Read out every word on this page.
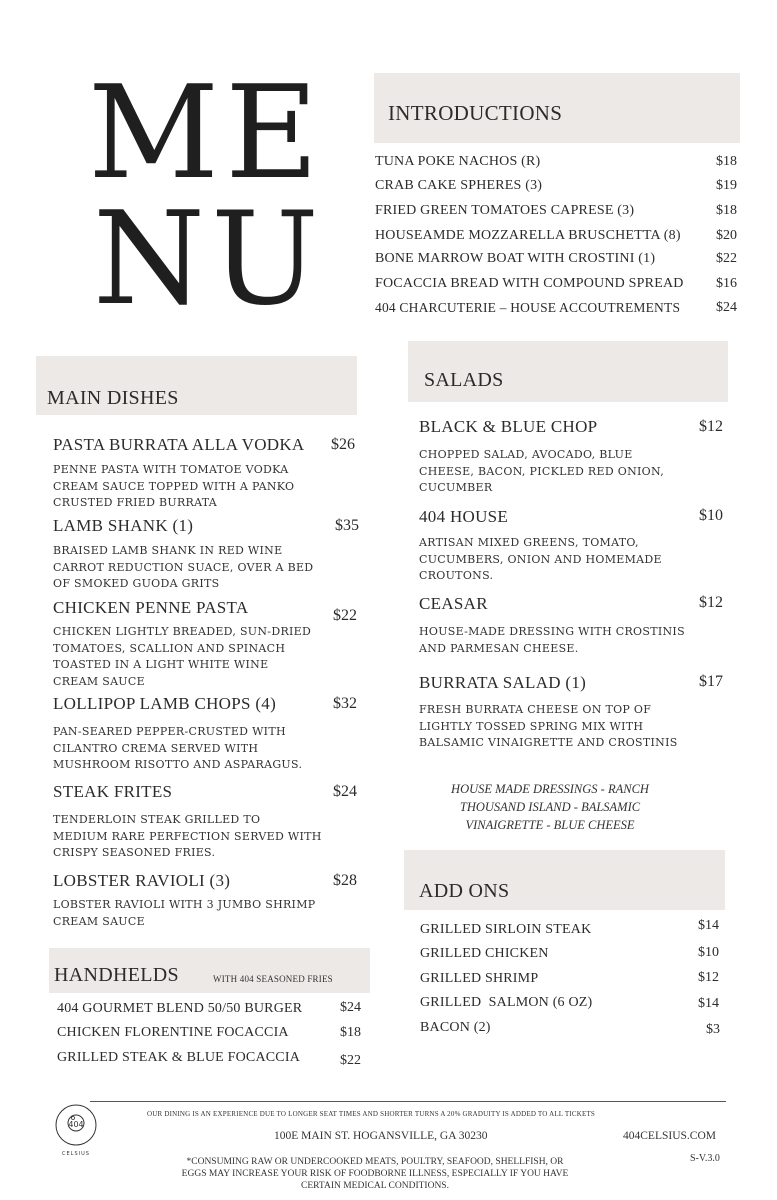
ME
NU
INTRODUCTIONS
TUNA POKE NACHOS (R)	$18
CRAB CAKE SPHERES (3)	$19
FRIED GREEN TOMATOES CAPRESE (3)	$18
HOUSEAMDE MOZZARELLA BRUSCHETTA (8)	$20
BONE MARROW BOAT WITH CROSTINI (1)	$22
FOCACCIA BREAD WITH COMPOUND SPREAD $16
404 CHARCUTERIE – HOUSE ACCOUTREMENTS	$24
MAIN DISHES
PASTA BURRATA ALLA VODKA $26
PENNE PASTA WITH TOMATOE VODKA
CREAM SAUCE TOPPED WITH A PANKO
CRUSTED FRIED BURRATA
LAMB SHANK (1)	$35
BRAISED LAMB SHANK IN RED WINE
CARROT REDUCTION SUACE, OVER A BED
OF SMOKED GUODA GRITS
CHICKEN PENNE PASTA	$22
CHICKEN LIGHTLY BREADED, SUN-DRIED
TOMATOES, SCALLION AND SPINACH
TOASTED IN A LIGHT WHITE WINE
CREAM SAUCE
LOLLIPOP LAMB CHOPS (4)	$32
PAN-SEARED PEPPER-CRUSTED WITH
CILANTRO CREMA SERVED WITH
MUSHROOM RISOTTO AND ASPARAGUS.
STEAK FRITES	$24
TENDERLOIN STEAK GRILLED TO
MEDIUM RARE PERFECTION SERVED WITH
CRISPY SEASONED FRIES.
LOBSTER RAVIOLI (3)	$28
LOBSTER RAVIOLI WITH 3 JUMBO SHRIMP
CREAM SAUCE
HANDHELDS	WITH 404 SEASONED FRIES
404 GOURMET BLEND 50/50 BURGER	$24
CHICKEN FLORENTINE FOCACCIA	$18
GRILLED STEAK & BLUE FOCACCIA	$22
SALADS
BLACK & BLUE CHOP	$12
CHOPPED SALAD, AVOCADO, BLUE
CHEESE, BACON, PICKLED RED ONION,
CUCUMBER
404 HOUSE	$10
ARTISAN MIXED GREENS, TOMATO,
CUCUMBERS, ONION AND HOMEMADE
CROUTONS.
CEASAR	$12
HOUSE-MADE DRESSING WITH CROSTINIS
AND PARMESAN CHEESE.
BURRATA SALAD (1)	$17
FRESH BURRATA CHEESE ON TOP OF
LIGHTLY TOSSED SPRING MIX WITH
BALSAMIC VINAIGRETTE AND CROSTINIS
HOUSE MADE DRESSINGS - RANCH
THOUSAND ISLAND - BALSAMIC
VINAIGRETTE - BLUE CHEESE
ADD ONS
GRILLED SIRLOIN STEAK	$14
GRILLED CHICKEN	$10
GRILLED SHRIMP	$12
GRILLED  SALMON (6 OZ)	$14
BACON (2)	$3
404
CELSIUS
OUR DINING IS AN EXPERIENCE DUE TO LONGER SEAT TIMES AND SHORTER TURNS A 20% GRADUITY IS ADDED TO ALL TICKETS
100E MAIN ST. HOGANSVILLE, GA 30230	404CELSIUS.COM
S-V.3.0
*CONSUMING RAW OR UNDERCOOKED MEATS, POULTRY, SEAFOOD, SHELLFISH, OR
EGGS MAY INCREASE YOUR RISK OF FOODBORNE ILLNESS, ESPECIALLY IF YOU HAVE
CERTAIN MEDICAL CONDITIONS.
